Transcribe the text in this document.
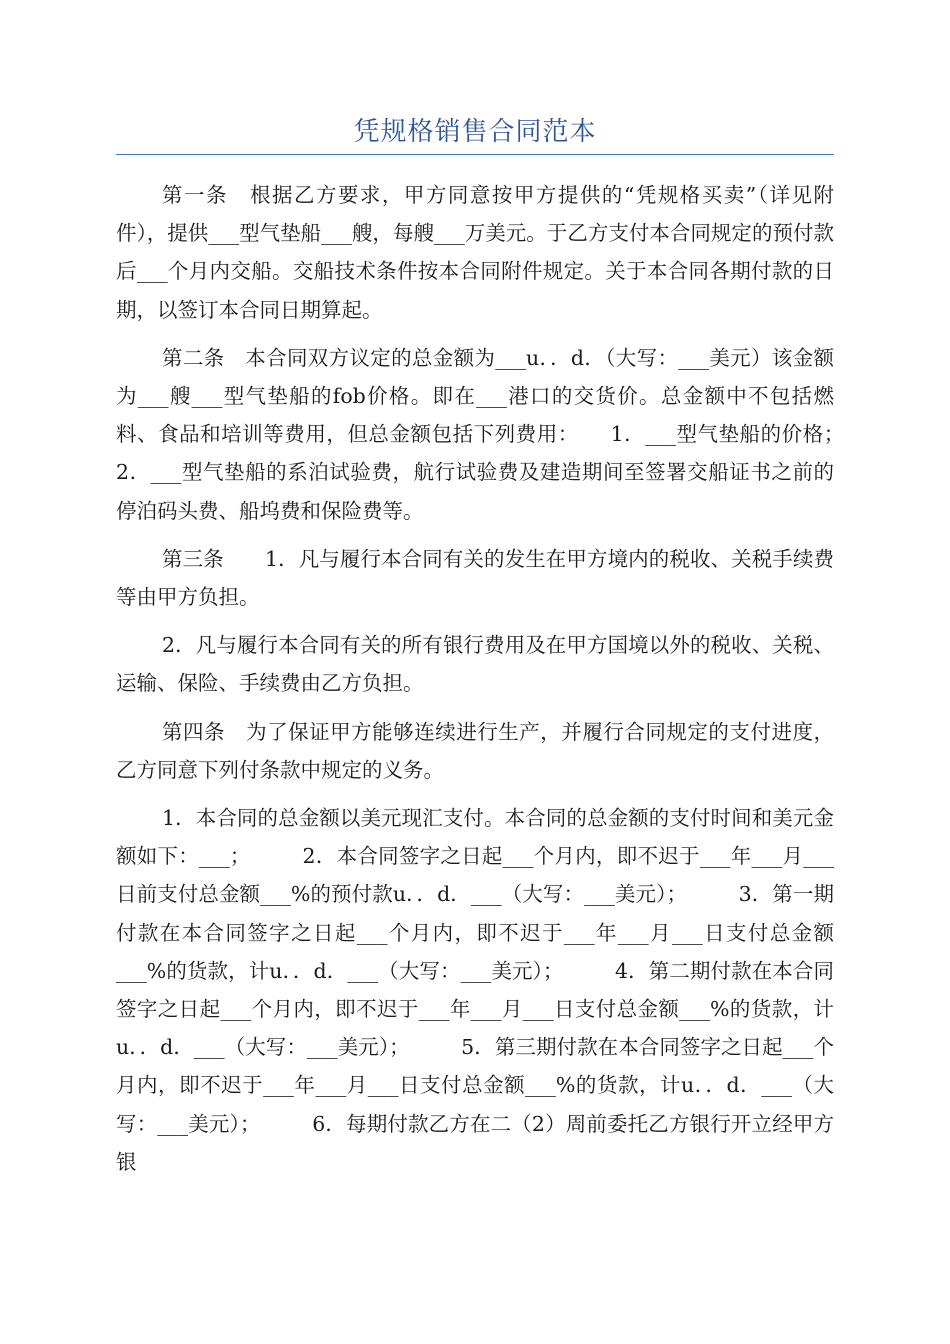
凭规格销售合同范本

第一条　根据乙方要求，甲方同意按甲方提供的“凭规格买卖”（详见附件），提供___型气垫船___艘，每艘___万美元。于乙方支付本合同规定的预付款后___个月内交船。交船技术条件按本合同附件规定。关于本合同各期付款的日期，以签订本合同日期算起。

第二条　本合同双方议定的总金额为___u．．d．（大写：___美元）该金额为___艘___型气垫船的fob价格。即在___港口的交货价。总金额中不包括燃料、食品和培训等费用，但总金额包括下列费用：　　1．___型气垫船的价格；　　　2．___型气垫船的系泊试验费，航行试验费及建造期间至签署交船证书之前的停泊码头费、船坞费和保险费等。

第三条　　1．凡与履行本合同有关的发生在甲方境内的税收、关税手续费等由甲方负担。

2．凡与履行本合同有关的所有银行费用及在甲方国境以外的税收、关税、运输、保险、手续费由乙方负担。

第四条　为了保证甲方能够连续进行生产，并履行合同规定的支付进度，乙方同意下列付条款中规定的义务。

1．本合同的总金额以美元现汇支付。本合同的总金额的支付时间和美元金额如下：___；　　　2．本合同签字之日起___个月内，即不迟于___年___月___日前支付总金额___%的预付款u．．d．___（大写：___美元）；　　　3．第一期付款在本合同签字之日起___个月内，即不迟于___年___月___日支付总金额___%的货款，计u．．d．___（大写：___美元）；　　　4．第二期付款在本合同签字之日起___个月内，即不迟于___年___月___日支付总金额___%的货款，计u．．d．___（大写：___美元）；　　　5．第三期付款在本合同签字之日起___个月内，即不迟于___年___月___日支付总金额___%的货款，计u．．d．___（大写：___美元）；　　　6．每期付款乙方在二（2）周前委托乙方银行开立经甲方银
